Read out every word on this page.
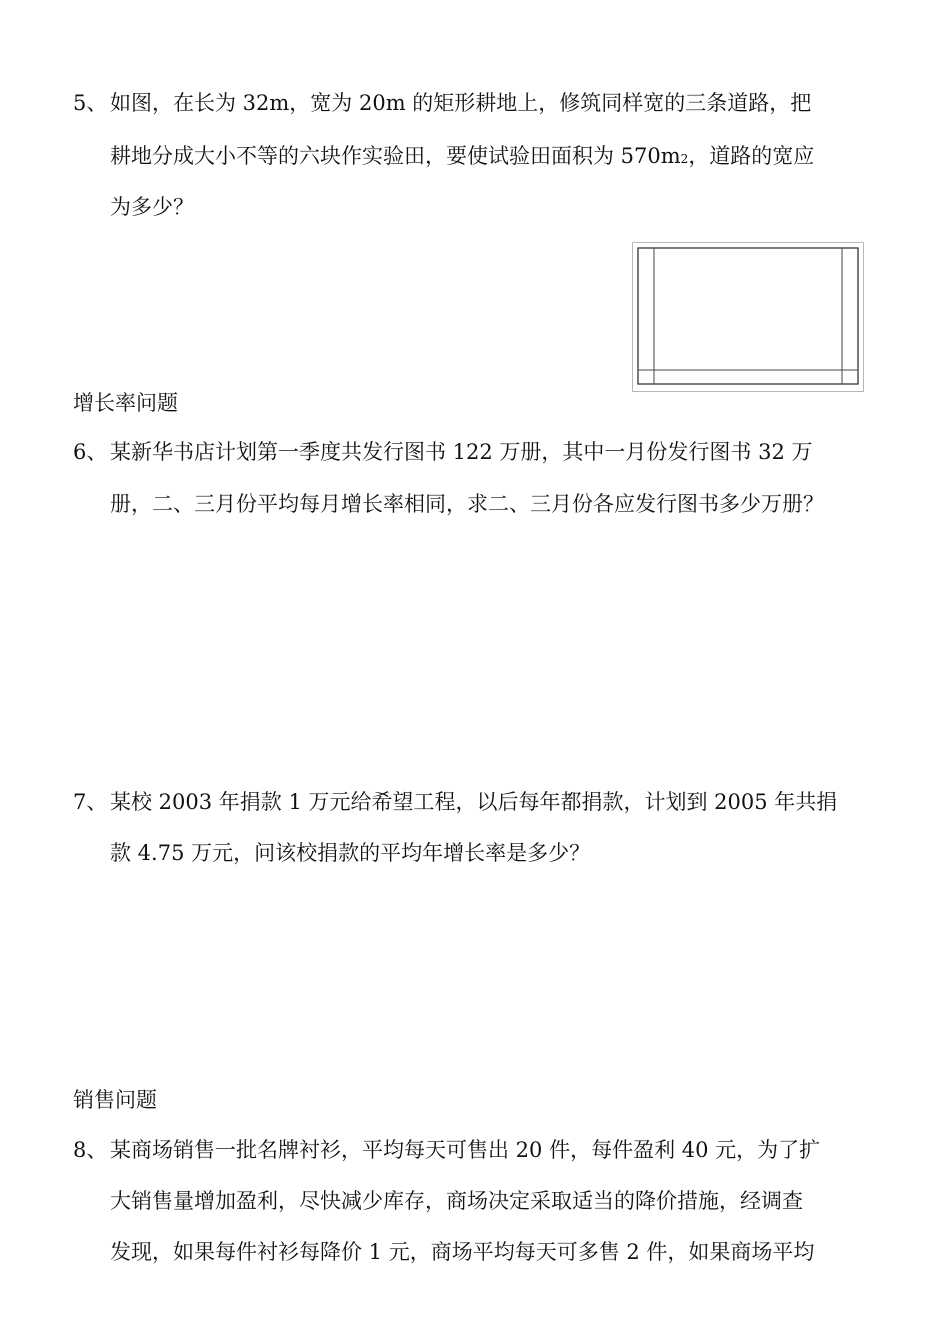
5、 如图，在长为 32m，宽为 20m 的矩形耕地上，修筑同样宽的三条道路，把
耕地分成大小不等的六块作实验田，要使试验田面积为 570m2，道路的宽应
为多少？
增长率问题
6、 某新华书店计划第一季度共发行图书 122 万册，其中一月份发行图书 32 万
册，二、三月份平均每月增长率相同，求二、三月份各应发行图书多少万册？
7、 某校 2003 年捐款 1 万元给希望工程，以后每年都捐款，计划到 2005 年共捐
款 4.75 万元，问该校捐款的平均年增长率是多少？
销售问题
8、 某商场销售一批名牌衬衫，平均每天可售出 20 件，每件盈利 40 元，为了扩
大销售量增加盈利，尽快减少库存，商场决定采取适当的降价措施，经调查
发现，如果每件衬衫每降价 1 元，商场平均每天可多售 2 件，如果商场平均
